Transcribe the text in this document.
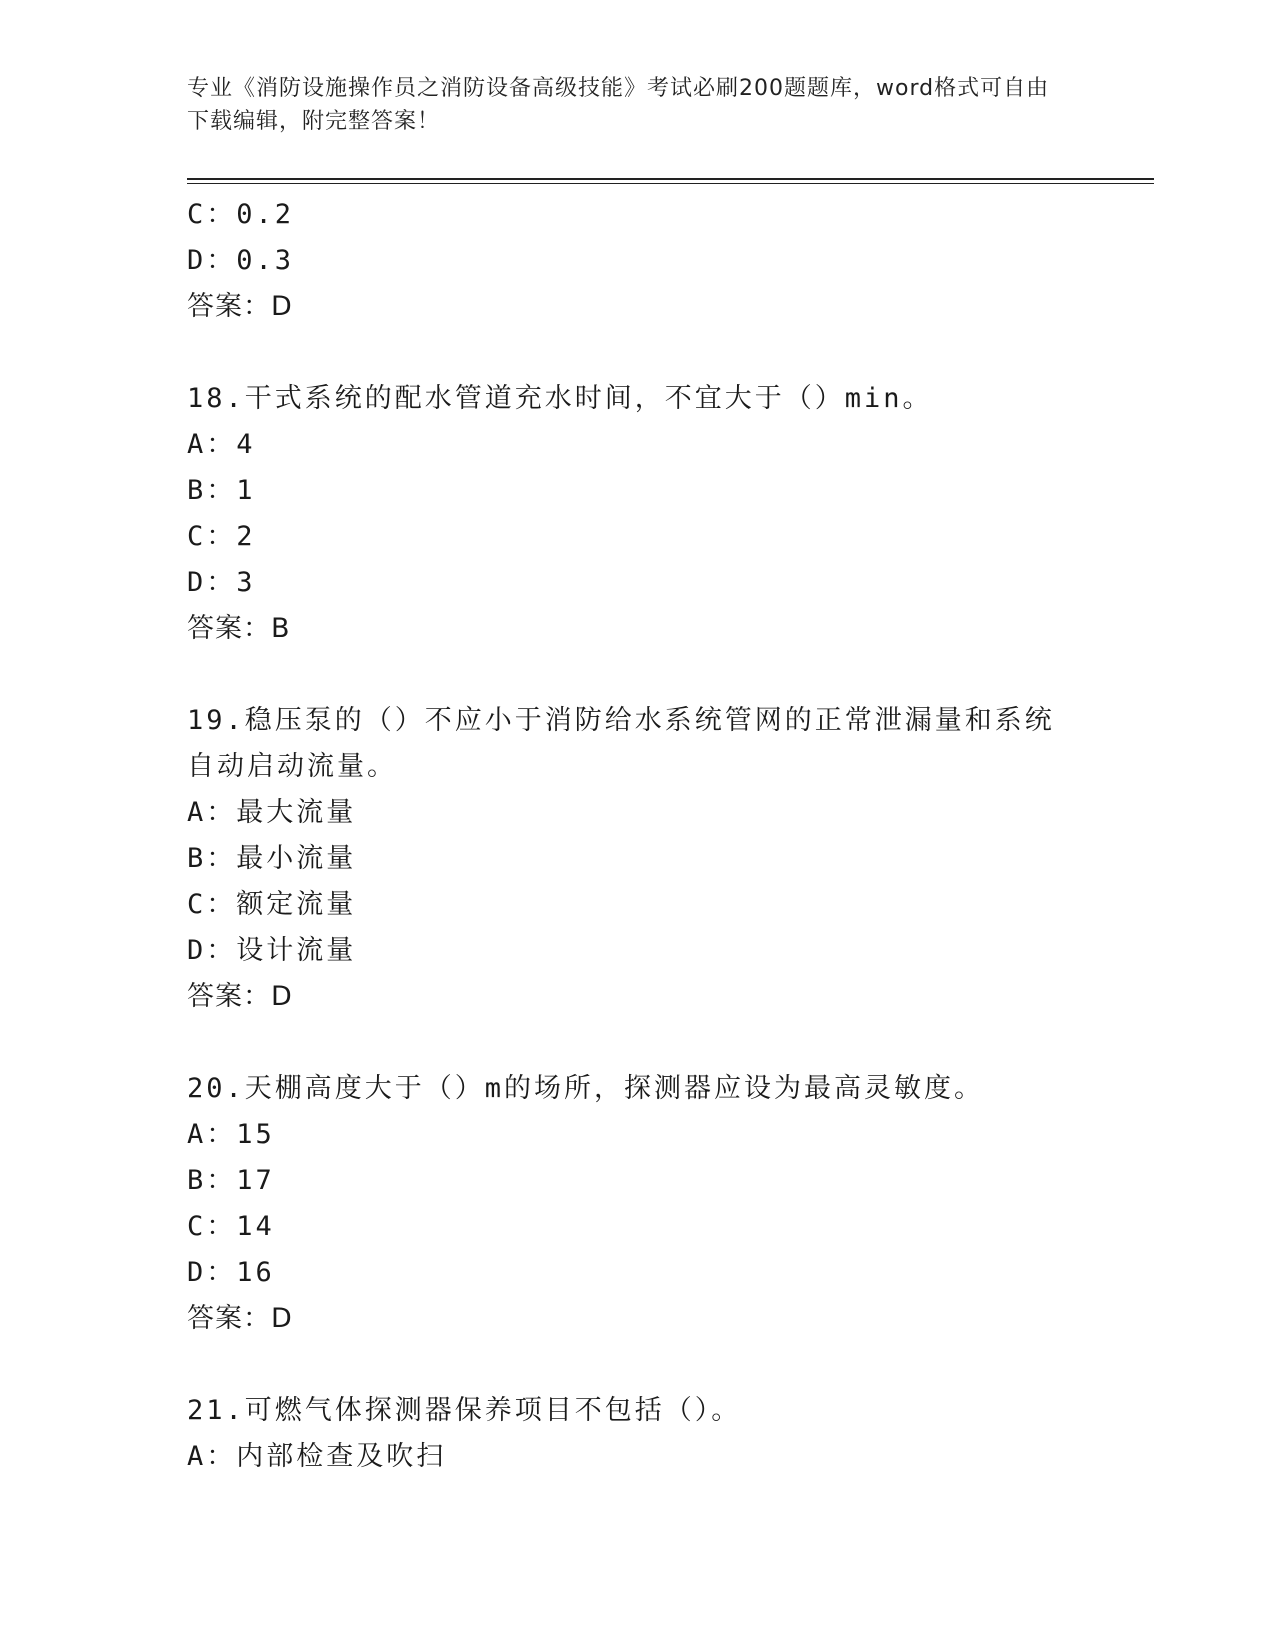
专业《消防设施操作员之消防设备高级技能》考试必刷200题题库，word格式可自由下载编辑，附完整答案！
C：0.2
D：0.3
答案：D
18.干式系统的配水管道充水时间，不宜大于（）min。
A：4
B：1
C：2
D：3
答案：B
19.稳压泵的（）不应小于消防给水系统管网的正常泄漏量和系统自动启动流量。
A：最大流量
B：最小流量
C：额定流量
D：设计流量
答案：D
20.天棚高度大于（）m的场所，探测器应设为最高灵敏度。
A：15
B：17
C：14
D：16
答案：D
21.可燃气体探测器保养项目不包括（）。
A：内部检查及吹扫
